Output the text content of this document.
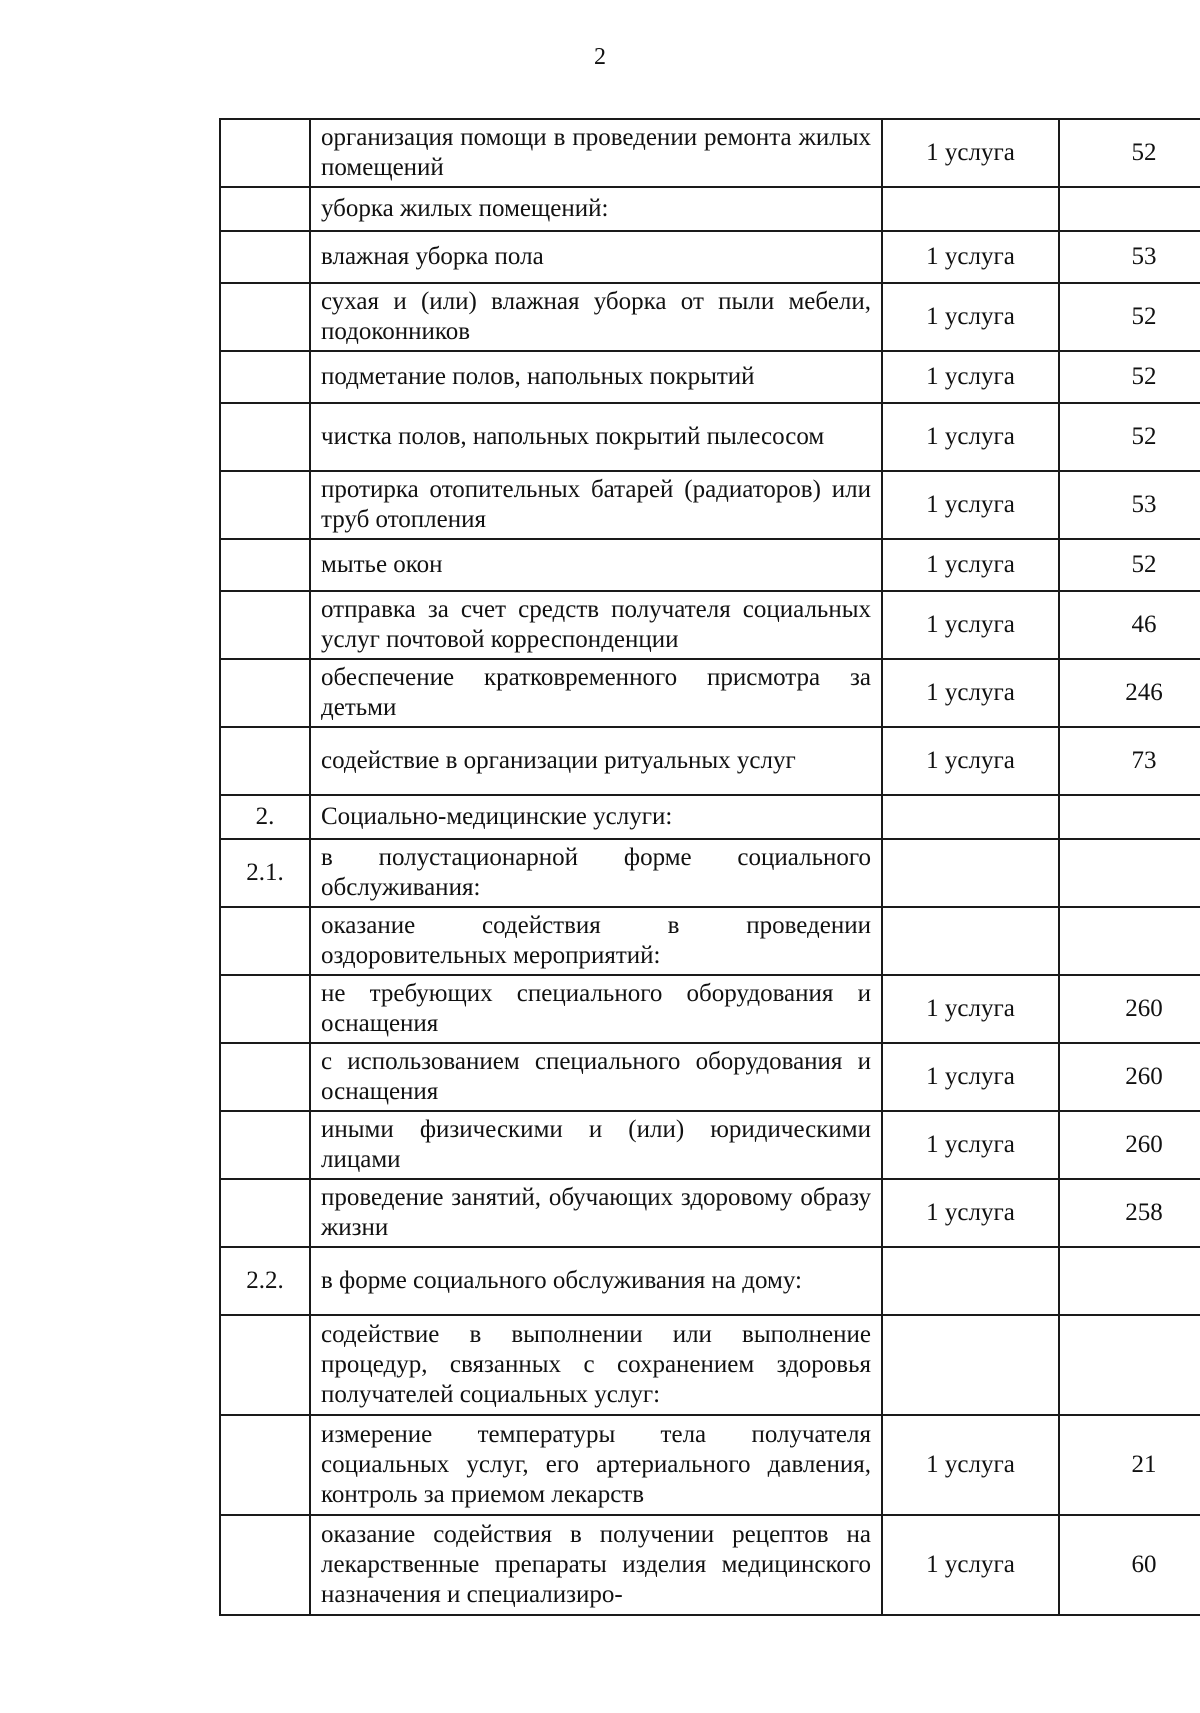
2
	организация помощи в проведении ремонта жилых помещений	1 услуга	52
	уборка жилых помещений:		
	влажная уборка пола	1 услуга	53
	сухая и (или) влажная уборка от пыли мебели, подоконников	1 услуга	52
	подметание полов, напольных покрытий	1 услуга	52
	чистка полов, напольных покрытий пылесосом	1 услуга	52
	протирка отопительных батарей (радиаторов) или труб отопления	1 услуга	53
	мытье окон	1 услуга	52
	отправка за счет средств получателя социальных услуг почтовой корреспонденции	1 услуга	46
	обеспечение кратковременного присмотра за детьми	1 услуга	246
	содействие в организации ритуальных услуг	1 услуга	73
2.	Социально-медицинские услуги:		
2.1.	в полустационарной форме социального обслуживания:		
	оказание содействия в проведении оздоровительных мероприятий:		
	не требующих специального оборудования и оснащения	1 услуга	260
	с использованием специального оборудования и оснащения	1 услуга	260
	иными физическими и (или) юридическими лицами	1 услуга	260
	проведение занятий, обучающих здоровому образу жизни	1 услуга	258
2.2.	в форме социального обслуживания на дому:		
	содействие в выполнении или выполнение процедур, связанных с сохранением здоровья получателей социальных услуг:		
	измерение температуры тела получателя социальных услуг, его артериального давления, контроль за приемом лекарств	1 услуга	21
	оказание содействия в получении рецептов на лекарственные препараты изделия медицинского назначения и специализиро-	1 услуга	60
